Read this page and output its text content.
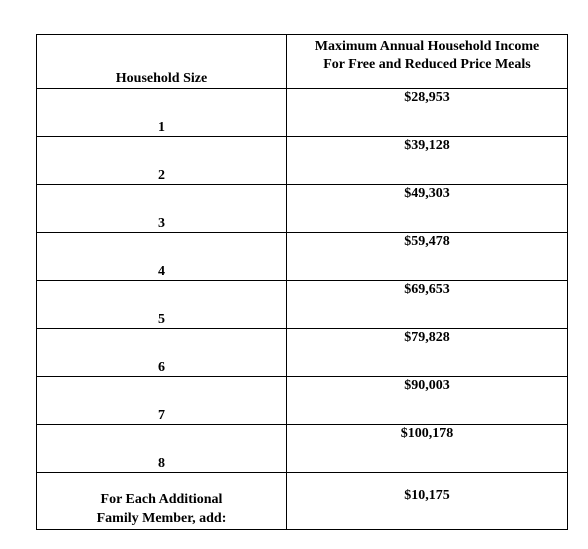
Household Size	Maximum Annual Household Income
For Free and Reduced Price Meals

1	$28,953
2	$39,128
3	$49,303
4	$59,478
5	$69,653
6	$79,828
7	$90,003
8	$100,178

For Each Additional
Family Member, add:	$10,175
